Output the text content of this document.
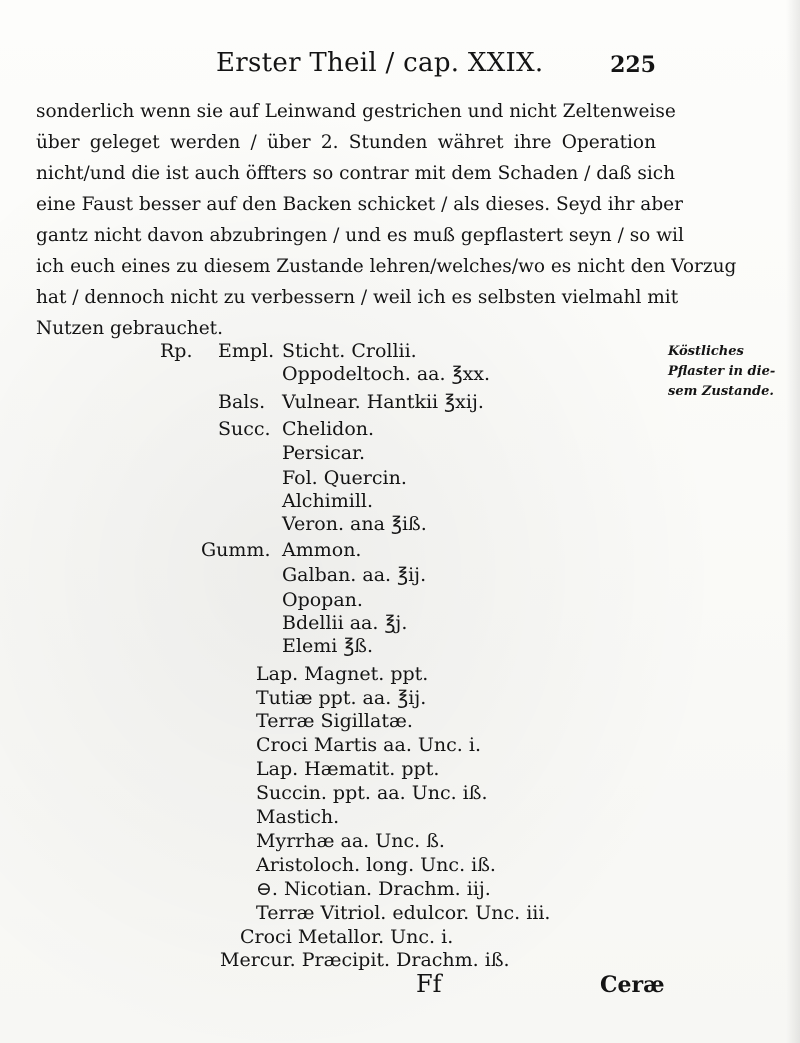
Erster Theil / cap. XXIX.	225
sonderlich wenn sie auf Leinwand gestrichen und nicht Zeltenweise
über geleget werden / über 2. Stunden währet ihre Operation
nicht/und die ist auch öffters so contrar mit dem Schaden / daß sich
eine Faust besser auf den Backen schicket / als dieses. Seyd ihr aber
gantz nicht davon abzubringen / und es muß gepflastert seyn / so wil
ich euch eines zu diesem Zustande lehren/welches/wo es nicht den Vorzug
hat / dennoch nicht zu verbessern / weil ich es selbsten vielmahl mit
Nutzen gebrauchet.
Köstliches
Pflaster in die-
sem Zustande.
Sticht. Crollii.
Oppodeltoch. aa. ℥xx.
Vulnear. Hantkii ℥xij.
Chelidon.
Persicar.
Fol. Quercin.
Alchimill.
Veron. ana ℥iß.
Ammon.
Galban. aa. ℥ij.
Opopan.
Bdellii aa. ℥j.
Elemi ℥ß.
Lap. Magnet. ppt.
Tutiæ ppt. aa. ℥ij.
Terræ Sigillatæ.
Croci Martis aa. Unc. i.
Lap. Hæmatit. ppt.
Succin. ppt. aa. Unc. iß.
Mastich.
Myrrhæ aa. Unc. ß.
Aristoloch. long. Unc. iß.
⊖. Nicotian. Drachm. iij.
Terræ Vitriol. edulcor. Unc. iii.
Croci Metallor. Unc. i.
Mercur. Præcipit. Drachm. iß.
Rp. Empl.
Bals.
Succ.
Gumm.
Ff	Ceræ
